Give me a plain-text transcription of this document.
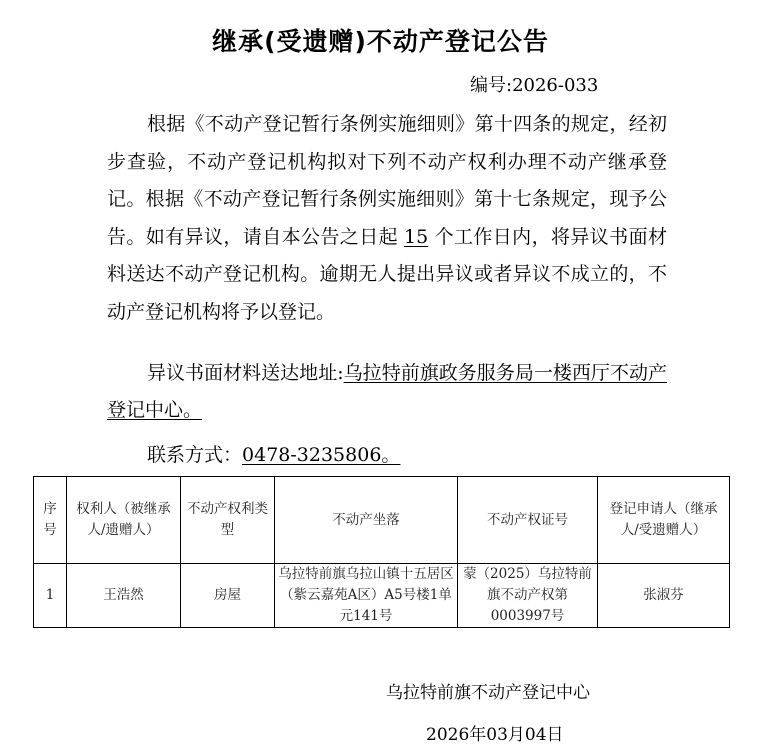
继承(受遗赠)不动产登记公告
编号:2026-033
根据《不动产登记暂行条例实施细则》第十四条的规定，经初步查验，不动产登记机构拟对下列不动产权利办理不动产继承登记。根据《不动产登记暂行条例实施细则》第十七条规定，现予公告。如有异议，请自本公告之日起 15 个工作日内，将异议书面材料送达不动产登记机构。逾期无人提出异议或者异议不成立的，不动产登记机构将予以登记。
异议书面材料送达地址:乌拉特前旗政务服务局一楼西厅不动产登记中心。
联系方式：0478-3235806。
序号	权利人（被继承人/遗赠人）	不动产权利类型	不动产坐落	不动产权证号	登记申请人（继承人/受遗赠人）
1	王浩然	房屋	乌拉特前旗乌拉山镇十五居区（紫云嘉苑A区）A5号楼1单元141号	蒙（2025）乌拉特前旗不动产权第0003997号	张淑芬
乌拉特前旗不动产登记中心
2026年03月04日
